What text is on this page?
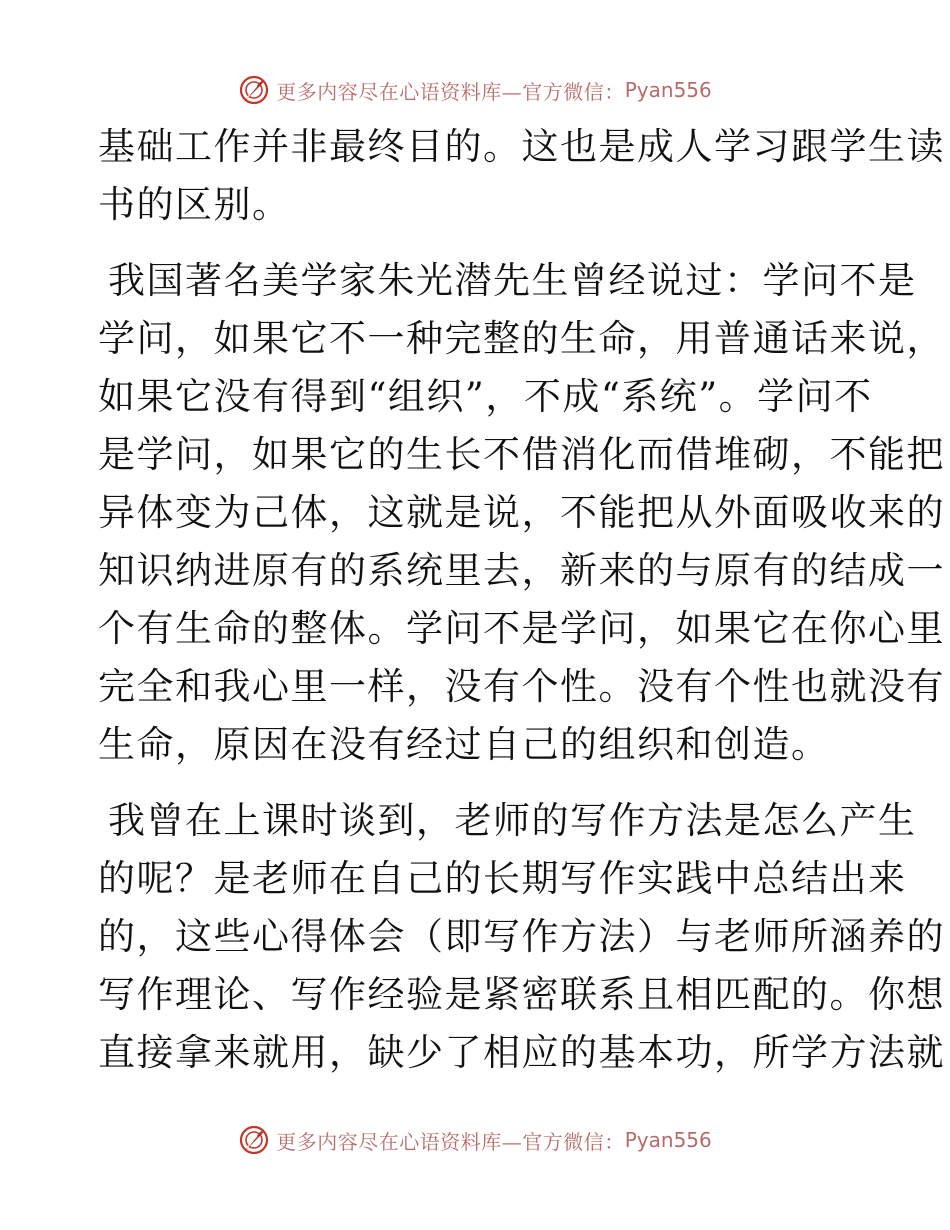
更多内容尽在心语资料库—官方微信： Pyan556
基础工作并非最终目的。这也是成人学习跟学生读
书的区别。
我国著名美学家朱光潜先生曾经说过：学问不是
学问，如果它不一种完整的生命，用普通话来说，
如果它没有得到“组织”，不成“系统”。学问不
是学问，如果它的生长不借消化而借堆砌，不能把
异体变为己体，这就是说，不能把从外面吸收来的
知识纳进原有的系统里去，新来的与原有的结成一
个有生命的整体。学问不是学问，如果它在你心里
完全和我心里一样，没有个性。没有个性也就没有
生命，原因在没有经过自己的组织和创造。
我曾在上课时谈到，老师的写作方法是怎么产生
的呢？是老师在自己的长期写作实践中总结出来
的，这些心得体会（即写作方法）与老师所涵养的
写作理论、写作经验是紧密联系且相匹配的。你想
直接拿来就用，缺少了相应的基本功，所学方法就
更多内容尽在心语资料库—官方微信： Pyan556
